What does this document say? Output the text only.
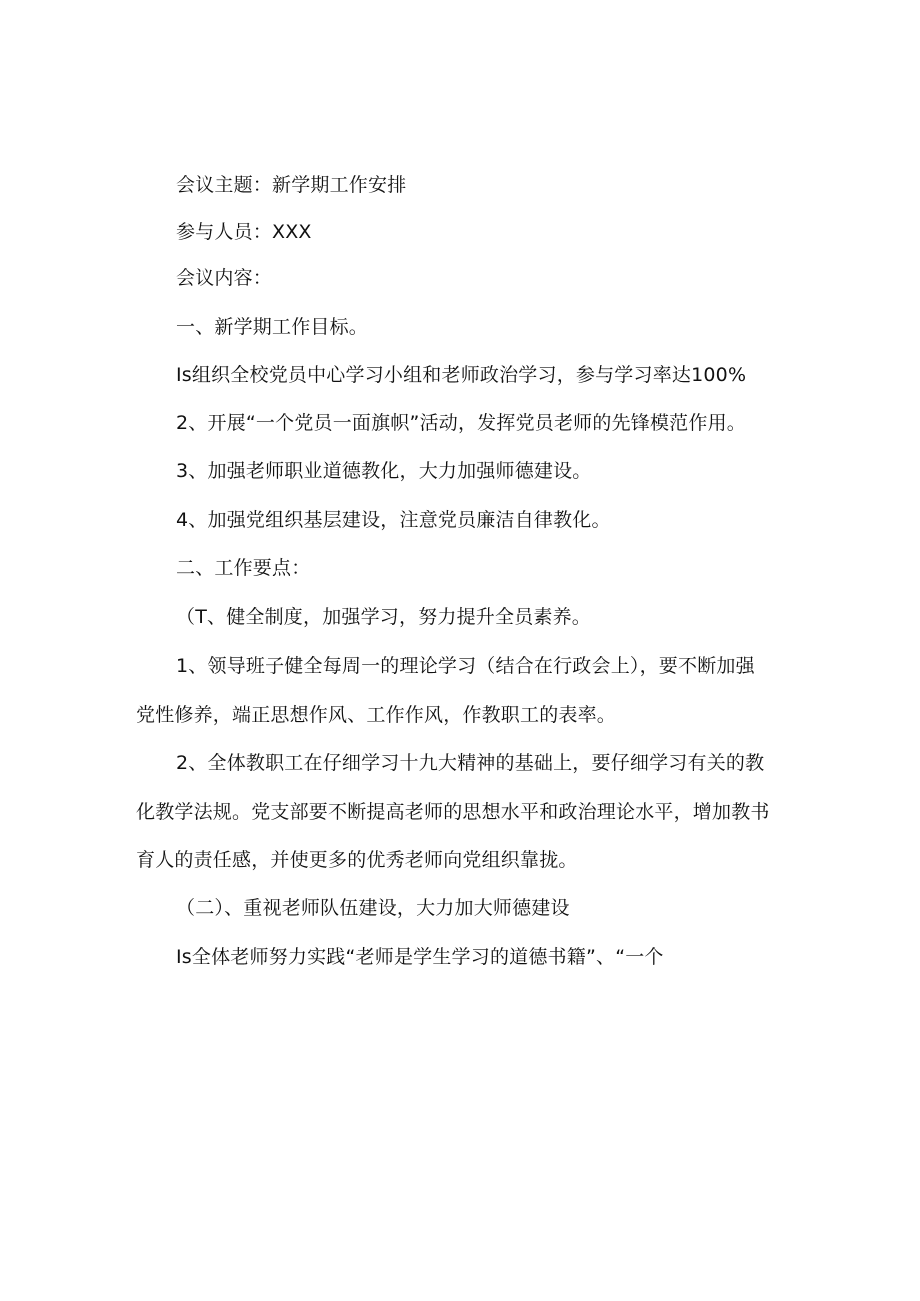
会议主题：新学期工作安排
参与人员：XXX
会议内容：
一、新学期工作目标。
Is组织全校党员中心学习小组和老师政治学习，参与学习率达100%
2、开展“一个党员一面旗帜”活动，发挥党员老师的先锋模范作用。
3、加强老师职业道德教化，大力加强师德建设。
4、加强党组织基层建设，注意党员廉洁自律教化。
二、工作要点：
（T、健全制度，加强学习，努力提升全员素养。
1、领导班子健全每周一的理论学习（结合在行政会上），要不断加强
党性修养，端正思想作风、工作作风，作教职工的表率。
2、全体教职工在仔细学习十九大精神的基础上，要仔细学习有关的教
化教学法规。党支部要不断提高老师的思想水平和政治理论水平，增加教书
育人的责任感，并使更多的优秀老师向党组织靠拢。
（二）、重视老师队伍建设，大力加大师德建设
Is全体老师努力实践“老师是学生学习的道德书籍”、“一个
